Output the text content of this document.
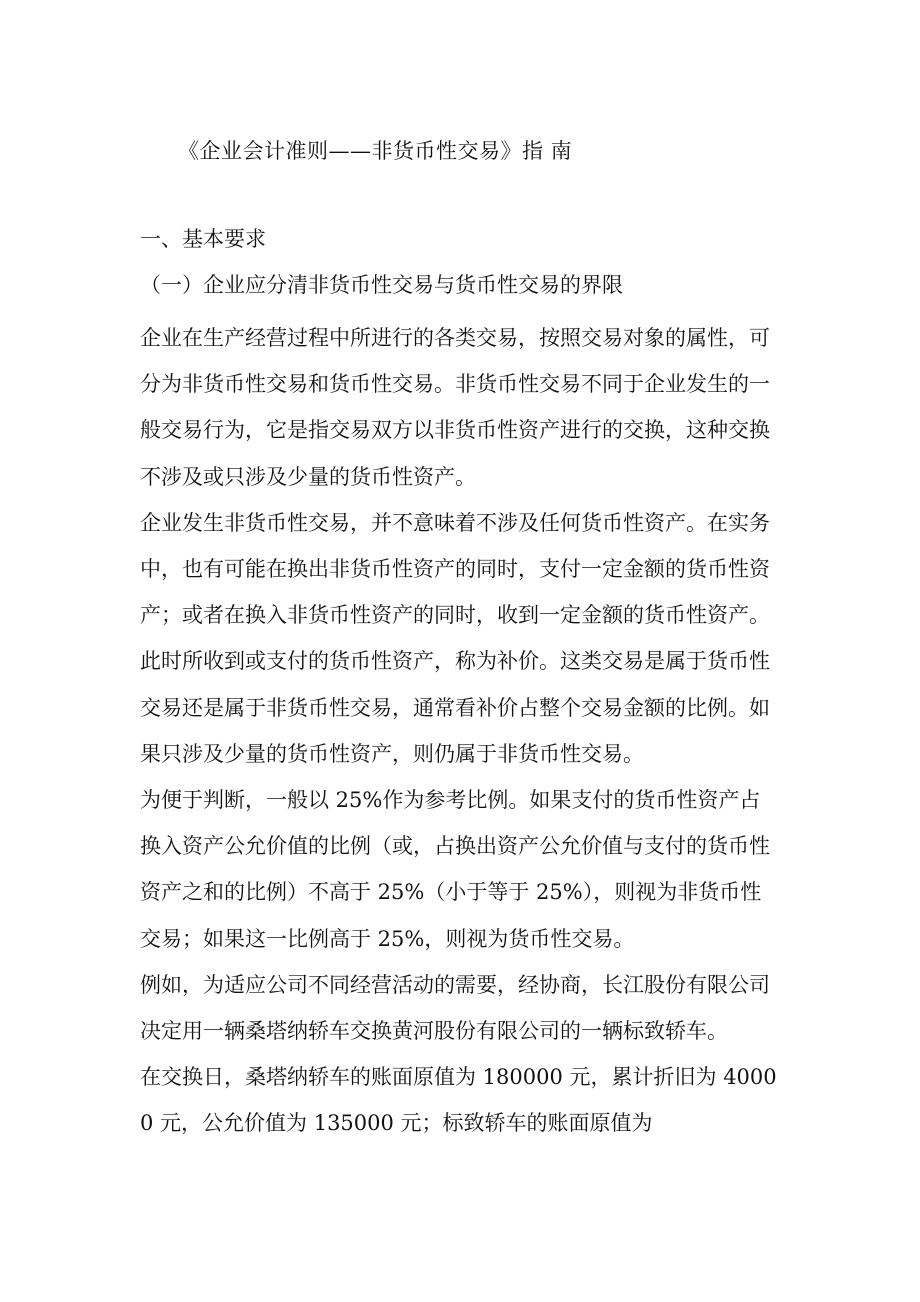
《企业会计准则——非货币性交易》指 南
一、基本要求
（一）企业应分清非货币性交易与货币性交易的界限

企业在生产经营过程中所进行的各类交易，按照交易对象的属性，可分为非货币性交易和货币性交易。非货币性交易不同于企业发生的一般交易行为，它是指交易双方以非货币性资产进行的交换，这种交换不涉及或只涉及少量的货币性资产。

企业发生非货币性交易，并不意味着不涉及任何货币性资产。在实务中，也有可能在换出非货币性资产的同时，支付一定金额的货币性资产；或者在换入非货币性资产的同时，收到一定金额的货币性资产。此时所收到或支付的货币性资产，称为补价。这类交易是属于货币性交易还是属于非货币性交易，通常看补价占整个交易金额的比例。如果只涉及少量的货币性资产，则仍属于非货币性交易。

为便于判断，一般以 25%作为参考比例。如果支付的货币性资产占换入资产公允价值的比例（或，占换出资产公允价值与支付的货币性资产之和的比例）不高于 25%（小于等于 25%），则视为非货币性交易；如果这一比例高于 25%，则视为货币性交易。

例如，为适应公司不同经营活动的需要，经协商，长江股份有限公司决定用一辆桑塔纳轿车交换黄河股份有限公司的一辆标致轿车。

在交换日，桑塔纳轿车的账面原值为 180000 元，累计折旧为 40000 元，公允价值为 135000 元；标致轿车的账面原值为
